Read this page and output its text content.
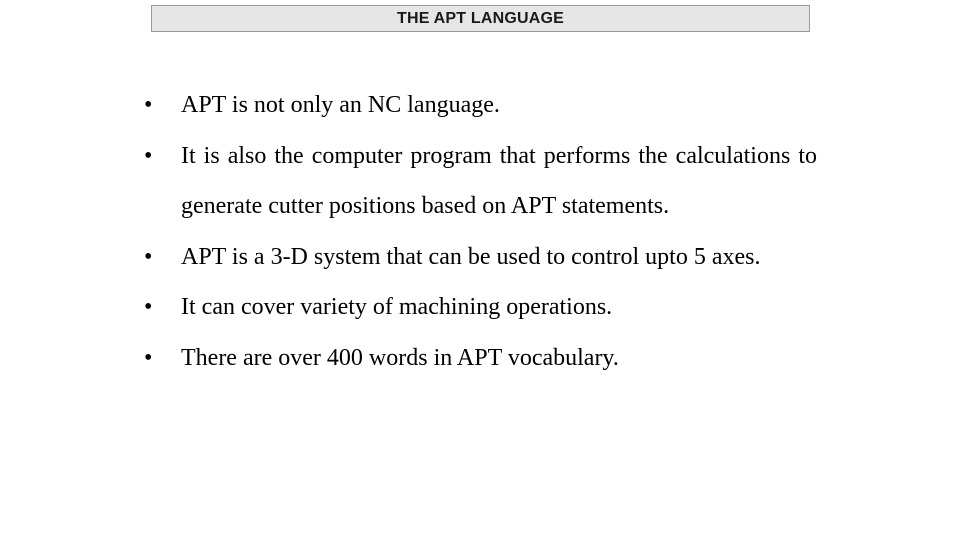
THE APT LANGUAGE
•	APT is not only an NC language.
•	It is also the computer program that performs the calculations to generate cutter positions based on APT statements.
•	APT is a 3-D system that can be used to control upto 5 axes.
•	It can cover variety of machining operations.
•	There are over 400 words in APT vocabulary.
